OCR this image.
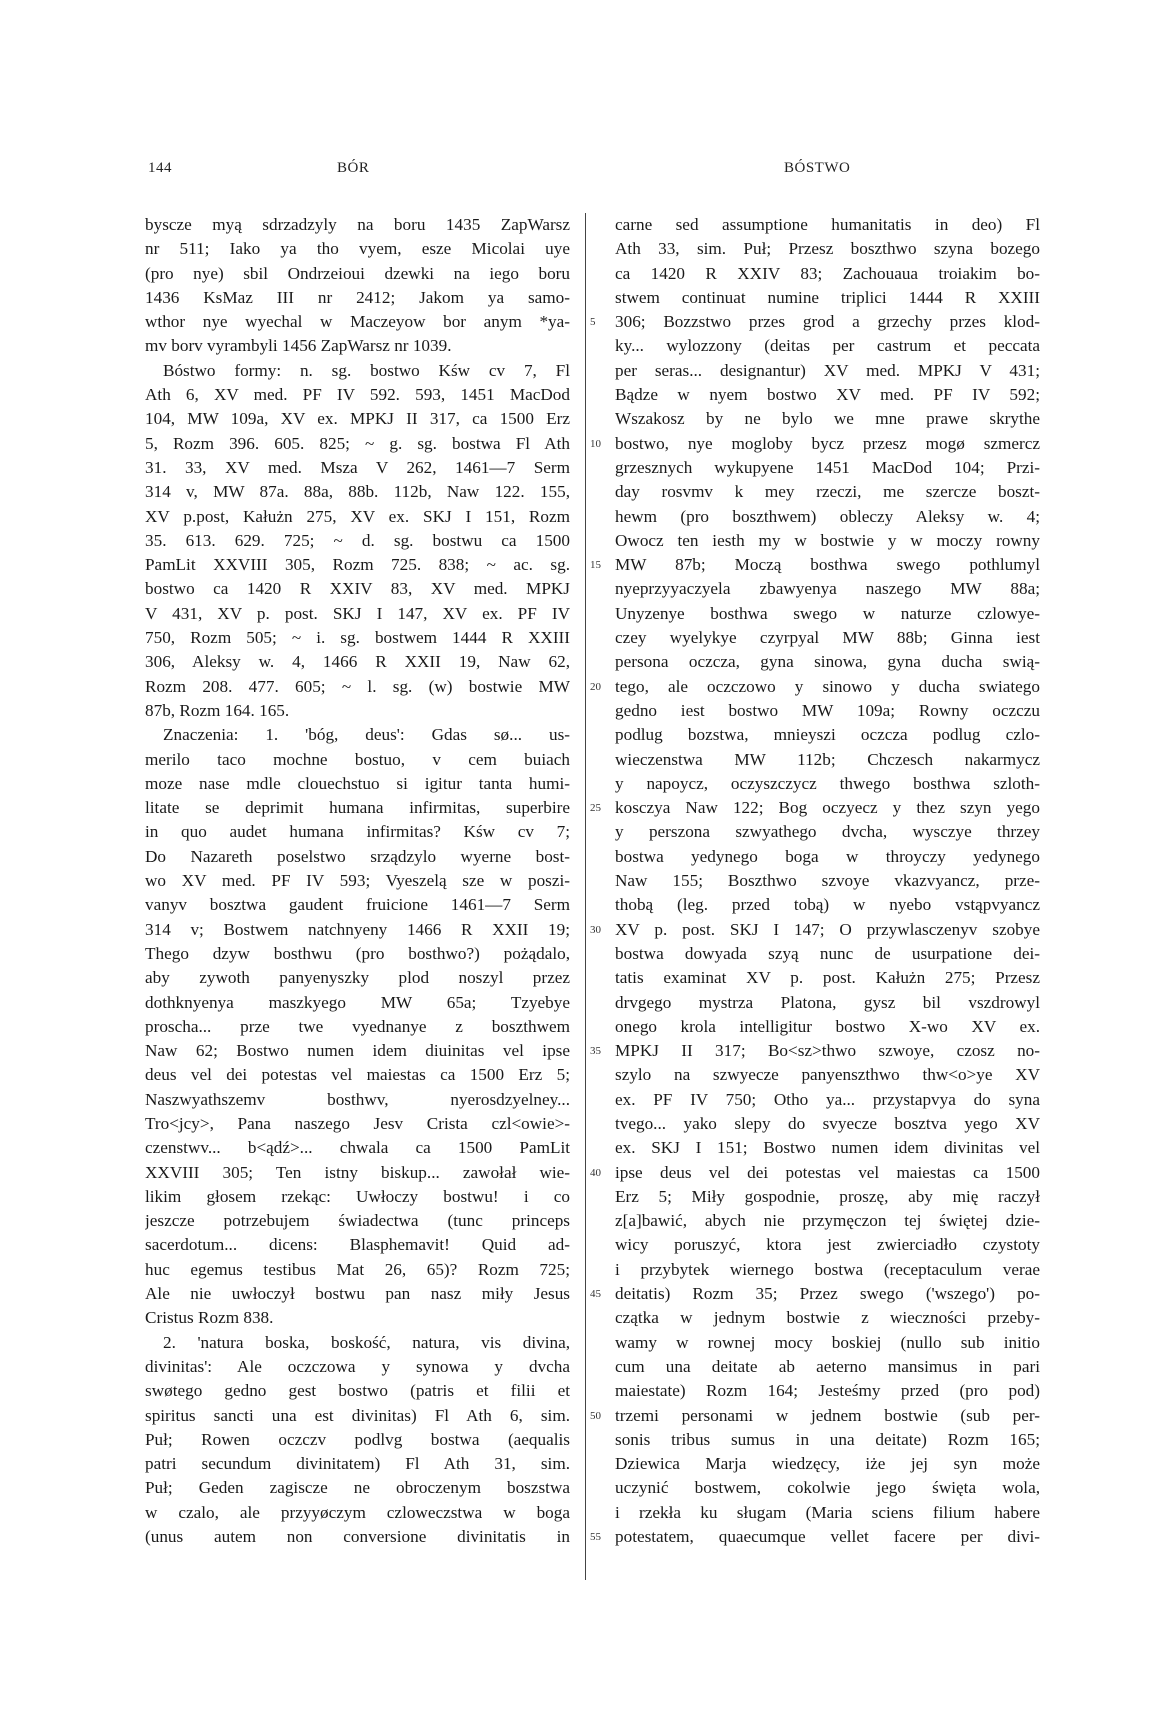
144	BÓR	BÓSTWO
byscze myą sdrzadzyly na boru 1435 ZapWarsz
nr 511; Iako ya tho vyem, esze Micolai uye
(pro nye) sbil Ondrzeioui dzewki na iego boru
1436 KsMaz III nr 2412; Jakom ya samo-
wthor nye wyechal w Maczeyow bor anym *ya-
mv borv vyrambyli 1456 ZapWarsz nr 1039.
Bóstwo formy: n. sg. bostwo Kśw cv 7, Fl
Ath 6, XV med. PF IV 592. 593, 1451 MacDod
104, MW 109a, XV ex. MPKJ II 317, ca 1500 Erz
5, Rozm 396. 605. 825; ~ g. sg. bostwa Fl Ath
31. 33, XV med. Msza V 262, 1461—7 Serm
314 v, MW 87a. 88a, 88b. 112b, Naw 122. 155,
XV p.post, Kałużn 275, XV ex. SKJ I 151, Rozm
35. 613. 629. 725; ~ d. sg. bostwu ca 1500
PamLit XXVIII 305, Rozm 725. 838; ~ ac. sg.
bostwo ca 1420 R XXIV 83, XV med. MPKJ
V 431, XV p. post. SKJ I 147, XV ex. PF IV
750, Rozm 505; ~ i. sg. bostwem 1444 R XXIII
306, Aleksy w. 4, 1466 R XXII 19, Naw 62,
Rozm 208. 477. 605; ~ l. sg. (w) bostwie MW
87b, Rozm 164. 165.
Znaczenia: 1. 'bóg, deus': Gdas sø... us-
merilo taco mochne bostuo, v cem buiach
moze nase mdle clouechstuo si igitur tanta humi-
litate se deprimit humana infirmitas, superbire
in quo audet humana infirmitas? Kśw cv 7;
Do Nazareth poselstwo srządzylo wyerne bost-
wo XV med. PF IV 593; Vyeszelą sze w poszi-
vanyv bosztwa gaudent fruicione 1461—7 Serm
314 v; Bostwem natchnyeny 1466 R XXII 19;
Thego dzyw bosthwu (pro bosthwo?) pożądalo,
aby zywoth panyenyszky plod noszyl przez
dothknyenya maszkyego MW 65a; Tzyebye
proscha... prze twe vyednanye z boszthwem
Naw 62; Bostwo numen idem diuinitas vel ipse
deus vel dei potestas vel maiestas ca 1500 Erz 5;
Naszwyathszemv bosthwv, nyerosdzyelney...
Tro<jcy>, Pana naszego Jesv Crista czl<owie>-
czenstwv... b<ądź>... chwala ca 1500 PamLit
XXVIII 305; Ten istny biskup... zawołał wie-
likim głosem rzekąc: Uwłoczy bostwu! i co
jeszcze potrzebujem świadectwa (tunc princeps
sacerdotum... dicens: Blasphemavit! Quid ad-
huc egemus testibus Mat 26, 65)? Rozm 725;
Ale nie uwłoczył bostwu pan nasz miły Jesus
Cristus Rozm 838.
2. 'natura boska, boskość, natura, vis divina,
divinitas': Ale oczczowa y synowa y dvcha
swøtego gedno gest bostwo (patris et filii et
spiritus sancti una est divinitas) Fl Ath 6, sim.
Puł; Rowen oczczv podlvg bostwa (aequalis
patri secundum divinitatem) Fl Ath 31, sim.
Puł; Geden zagiscze ne obroczenym boszstwa
w czalo, ale przyyøczym czloweczstwa w boga
(unus autem non conversione divinitatis in
5
10
15
20
25
30
35
40
45
50
55
carne sed assumptione humanitatis in deo) Fl
Ath 33, sim. Puł; Przesz boszthwo szyna bozego
ca 1420 R XXIV 83; Zachouaua troiakim bo-
stwem continuat numine triplici 1444 R XXIII
306; Bozzstwo przes grod a grzechy przes klod-
ky... wylozzony (deitas per castrum et peccata
per seras... designantur) XV med. MPKJ V 431;
Bądze w nyem bostwo XV med. PF IV 592;
Wszakosz by ne bylo we mne prawe skrythe
bostwo, nye mogloby bycz przesz mogø szmercz
grzesznych wykupyene 1451 MacDod 104; Przi-
day rosvmv k mey rzeczi, me szercze boszt-
hewm (pro boszthwem) obleczy Aleksy w. 4;
Owocz ten iesth my w bostwie y w moczy rowny
MW 87b; Moczą bosthwa swego pothlumyl
nyeprzyyaczyela zbawyenya naszego MW 88a;
Unyzenye bosthwa swego w naturze czlowye-
czey wyelykye czyrpyal MW 88b; Ginna iest
persona oczcza, gyna sinowa, gyna ducha swią-
tego, ale oczczowo y sinowo y ducha swiatego
gedno iest bostwo MW 109a; Rowny oczczu
podlug bozstwa, mnieyszi oczcza podlug czlo-
wieczenstwa MW 112b; Chczesch nakarmycz
y napoycz, oczyszczycz thwego bosthwa szloth-
kosczya Naw 122; Bog oczyecz y thez szyn yego
y perszona szwyathego dvcha, wysczye thrzey
bostwa yedynego boga w throyczy yedynego
Naw 155; Boszthwo szvoye vkazvyancz, prze-
thobą (leg. przed tobą) w nyebo vstąpvyancz
XV p. post. SKJ I 147; O przywlasczenyv szobye
bostwa dowyada szyą nunc de usurpatione dei-
tatis examinat XV p. post. Kałużn 275; Przesz
drvgego mystrza Platona, gysz bil vszdrowyl
onego krola intelligitur bostwo X-wo XV ex.
MPKJ II 317; Bo<sz>thwo szwoye, czosz no-
szylo na szwyecze panyenszthwo thw<o>ye XV
ex. PF IV 750; Otho ya... przystapvya do syna
tvego... yako slepy do svyecze bosztva yego XV
ex. SKJ I 151; Bostwo numen idem divinitas vel
ipse deus vel dei potestas vel maiestas ca 1500
Erz 5; Miły gospodnie, proszę, aby mię raczył
z[a]bawić, abych nie przymęczon tej świętej dzie-
wicy poruszyć, ktora jest zwierciadło czystoty
i przybytek wiernego bostwa (receptaculum verae
deitatis) Rozm 35; Przez swego ('wszego') po-
czątka w jednym bostwie z wieczności przeby-
wamy w rownej mocy boskiej (nullo sub initio
cum una deitate ab aeterno mansimus in pari
maiestate) Rozm 164; Jesteśmy przed (pro pod)
trzemi personami w jednem bostwie (sub per-
sonis tribus sumus in una deitate) Rozm 165;
Dziewica Marja wiedzęcy, iże jej syn może
uczynić bostwem, cokolwie jego święta wola,
i rzekła ku sługam (Maria sciens filium habere
potestatem, quaecumque vellet facere per divi-
